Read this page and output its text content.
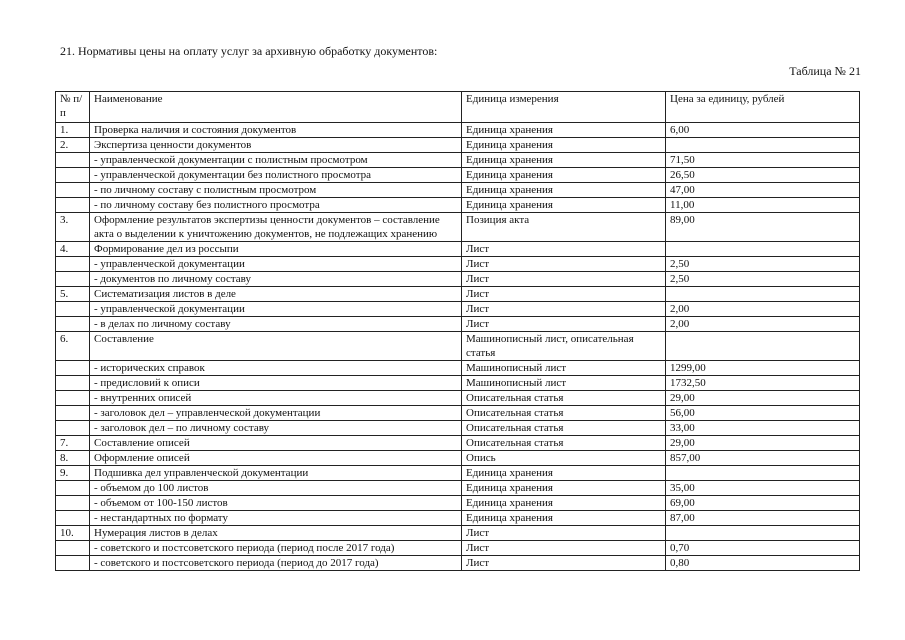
21. Нормативы цены на оплату услуг за архивную обработку документов:
Таблица № 21
№ п/п	Наименование	Единица измерения	Цена за единицу, рублей
1.	Проверка наличия и состояния документов	Единица хранения	6,00
2.	Экспертиза ценности документов	Единица хранения	
	- управленческой документации с полистным просмотром	Единица хранения	71,50
	- управленческой документации без полистного просмотра	Единица хранения	26,50
	- по личному составу с полистным просмотром	Единица хранения	47,00
	- по личному составу без полистного просмотра	Единица хранения	11,00
3.	Оформление результатов экспертизы ценности документов – составление акта о выделении к уничтожению документов, не подлежащих хранению	Позиция акта	89,00
4.	Формирование дел из россыпи	Лист	
	- управленческой документации	Лист	2,50
	- документов по личному составу	Лист	2,50
5.	Систематизация листов в деле	Лист	
	- управленческой документации	Лист	2,00
	- в делах по личному составу	Лист	2,00
6.	Составление	Машинописный лист, описательная статья	
	- исторических справок	Машинописный лист	1299,00
	- предисловий к описи	Машинописный лист	1732,50
	- внутренних описей	Описательная статья	29,00
	- заголовок дел – управленческой документации	Описательная статья	56,00
	- заголовок дел – по личному составу	Описательная статья	33,00
7.	Составление описей	Описательная статья	29,00
8.	Оформление описей	Опись	857,00
9.	Подшивка дел управленческой документации	Единица хранения	
	- объемом до 100 листов	Единица хранения	35,00
	- объемом от 100-150 листов	Единица хранения	69,00
	- нестандартных по формату	Единица хранения	87,00
10.	Нумерация листов в делах	Лист	
	- советского и постсоветского периода (период после 2017 года)	Лист	0,70
	- советского и постсоветского периода (период до 2017 года)	Лист	0,80
